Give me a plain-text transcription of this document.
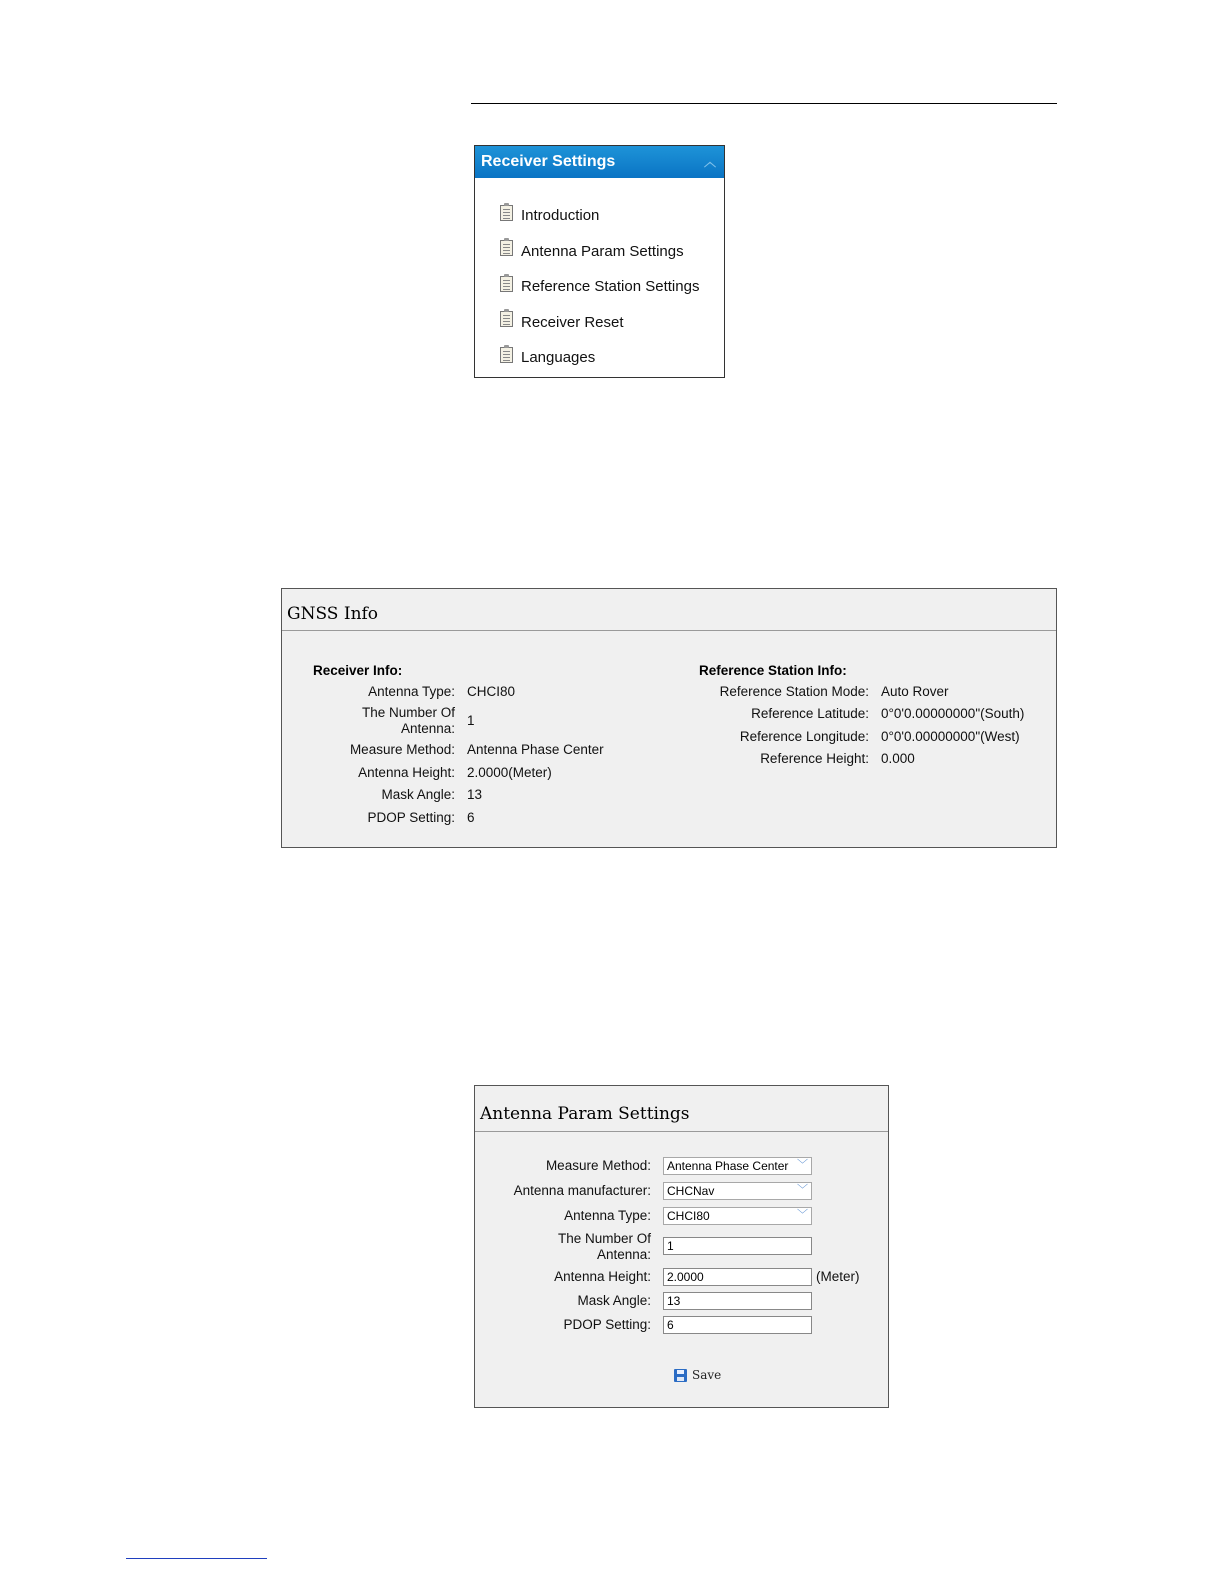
Receiver Settings	︿
Introduction
Antenna Param Settings
Reference Station Settings
Receiver Reset
Languages
GNSS Info
Receiver Info:
Antenna Type: CHCI80
The Number Of
Antenna:
1
Measure Method: Antenna Phase Center
Antenna Height: 2.0000(Meter)
Mask Angle: 13
PDOP Setting: 6
Reference Station Info:
Reference Station Mode: Auto Rover
Reference Latitude: 0°0'0.00000000"(South)
Reference Longitude: 0°0'0.00000000"(West)
Reference Height: 0.000
Antenna Param Settings
Measure Method:	Antenna Phase Center ﹀
Antenna manufacturer:	CHCNav	﹀
Antenna Type:	CHCI80	﹀
The Number Of
Antenna:
1
Antenna Height:	2.0000	(Meter)
Mask Angle:	13
PDOP Setting:	6
Save
